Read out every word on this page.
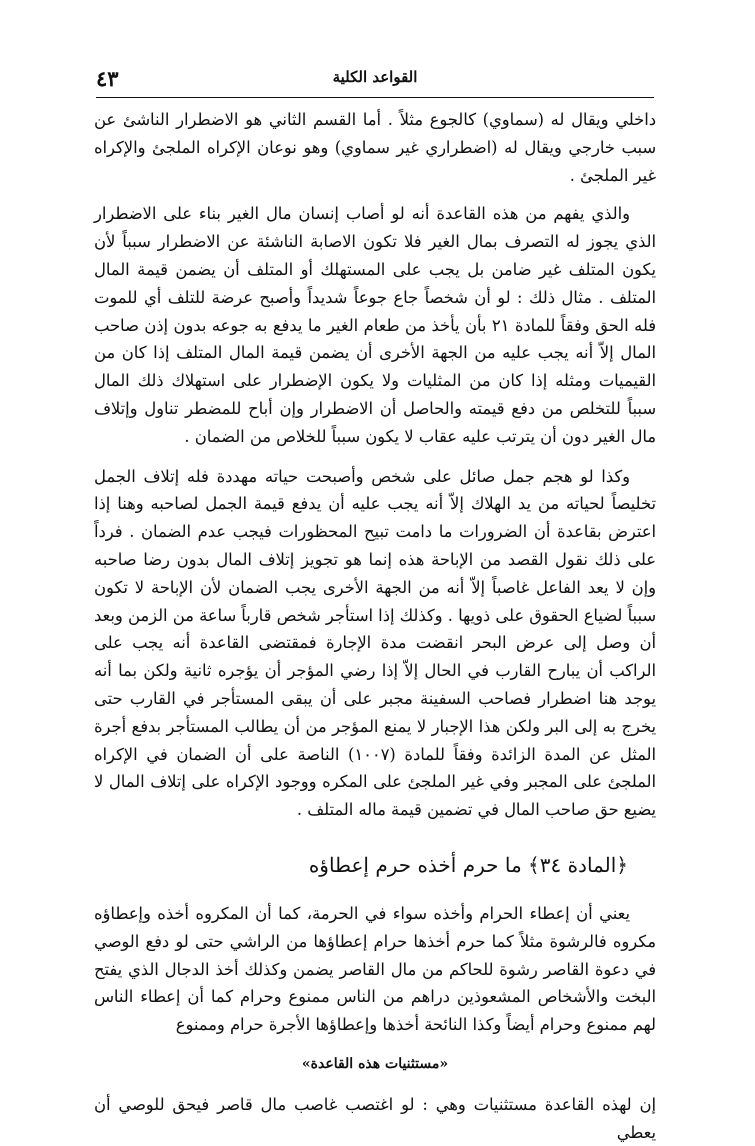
٤٣	القواعد الكلية

داخلي ويقال له (سماوي) كالجوع مثلاً . أما القسم الثاني هو الاضطرار الناشئ عن سبب خارجي ويقال له (اضطراري غير سماوي) وهو نوعان الإكراه الملجئ والإكراه غير الملجئ .

والذي يفهم من هذه القاعدة أنه لو أصاب إنسان مال الغير بناء على الاضطرار الذي يجوز له التصرف بمال الغير فلا تكون الاصابة الناشئة عن الاضطرار سبباً لأن يكون المتلف غير ضامن بل يجب على المستهلك أو المتلف أن يضمن قيمة المال المتلف . مثال ذلك : لو أن شخصاً جاع جوعاً شديداً وأصبح عرضة للتلف أي للموت فله الحق وفقاً للمادة ٢١ بأن يأخذ من طعام الغير ما يدفع به جوعه بدون إذن صاحب المال إلاّ أنه يجب عليه من الجهة الأخرى أن يضمن قيمة المال المتلف إذا كان من القيميات ومثله إذا كان من المثليات ولا يكون الإضطرار على استهلاك ذلك المال سبباً للتخلص من دفع قيمته والحاصل أن الاضطرار وإن أباح للمضطر تناول وإتلاف مال الغير دون أن يترتب عليه عقاب لا يكون سبباً للخلاص من الضمان .

وكذا لو هجم جمل صائل على شخص وأصبحت حياته مهددة فله إتلاف الجمل تخليصاً لحياته من يد الهلاك إلاّ أنه يجب عليه أن يدفع قيمة الجمل لصاحبه وهنا إذا اعترض بقاعدة أن الضرورات ما دامت تبيح المحظورات فيجب عدم الضمان . فرداً على ذلك نقول القصد من الإباحة هذه إنما هو تجويز إتلاف المال بدون رضا صاحبه وإن لا يعد الفاعل غاصباً إلاّ أنه من الجهة الأخرى يجب الضمان لأن الإباحة لا تكون سبباً لضياع الحقوق على ذويها . وكذلك إذا استأجر شخص قارباً ساعة من الزمن وبعد أن وصل إلى عرض البحر انقضت مدة الإجارة فمقتضى القاعدة أنه يجب على الراكب أن يبارح القارب في الحال إلاّ إذا رضي المؤجر أن يؤجره ثانية ولكن بما أنه يوجد هنا اضطرار فصاحب السفينة مجبر على أن يبقى المستأجر في القارب حتى يخرج به إلى البر ولكن هذا الإجبار لا يمنع المؤجر من أن يطالب المستأجر بدفع أجرة المثل عن المدة الزائدة وفقاً للمادة (١٠٠٧) الناصة على أن الضمان في الإكراه الملجئ على المجبر وفي غير الملجئ على المكره ووجود الإكراه على إتلاف المال لا يضيع حق صاحب المال في تضمين قيمة ماله المتلف .

﴿المادة ٣٤﴾ ما حرم أخذه حرم إعطاؤه

يعني أن إعطاء الحرام وأخذه سواء في الحرمة، كما أن المكروه أخذه وإعطاؤه مكروه فالرشوة مثلاً كما حرم أخذها حرام إعطاؤها من الراشي حتى لو دفع الوصي في دعوة القاصر رشوة للحاكم من مال القاصر يضمن وكذلك أخذ الدجال الذي يفتح البخت والأشخاص المشعوذين دراهم من الناس ممنوع وحرام كما أن إعطاء الناس لهم ممنوع وحرام أيضاً وكذا النائحة أخذها وإعطاؤها الأجرة حرام وممنوع

«مستثنيات هذه القاعدة»

إن لهذه القاعدة مستثنيات وهي : لو اغتصب غاصب مال قاصر فيحق للوصي أن يعطي
